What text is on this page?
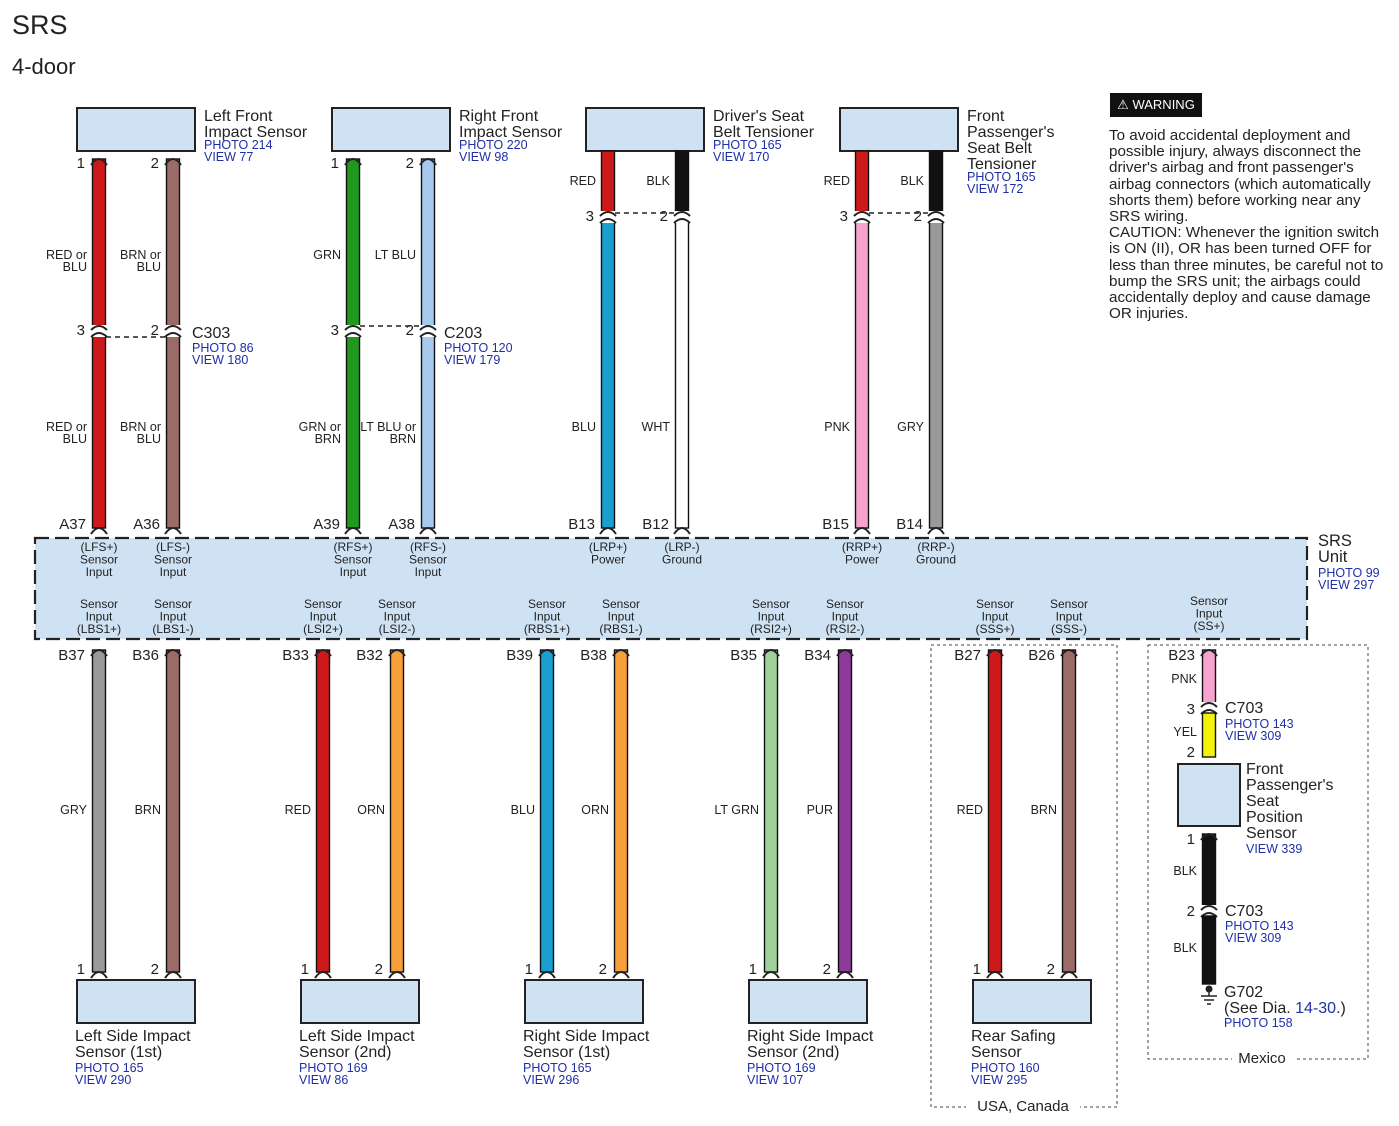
SRS
4-door
SRS
Unit
PHOTO 99
VIEW 297
Left Front
Impact Sensor
PHOTO 214
VIEW 77
Right Front
Impact Sensor
PHOTO 220
VIEW 98
Driver's Seat
Belt Tensioner
PHOTO 165
VIEW 170
Front
Passenger's
Seat Belt
Tensioner
PHOTO 165
VIEW 172
1
3
RED or
BLU
RED or
BLU
A37
(LFS+)
Sensor
Input
2
2
BRN or
BLU
BRN or
BLU
A36
(LFS-)
Sensor
Input
1
3
GRN
GRN or
BRN
A39
(RFS+)
Sensor
Input
2
2
LT BLU
LT BLU or
BRN
A38
(RFS-)
Sensor
Input
3
RED
BLU
B13
(LRP+)
Power
2
BLK
WHT
B12
(LRP-)
Ground
3
RED
PNK
B15
(RRP+)
Power
2
BLK
GRY
B14
(RRP-)
Ground
C303
PHOTO 86
VIEW 180
C203
PHOTO 120
VIEW 179
Sensor
Input
(LBS1+)
B37
GRY
1
Sensor
Input
(LBS1-)
B36
BRN
2
Sensor
Input
(LSI2+)
B33
RED
1
Sensor
Input
(LSI2-)
B32
ORN
2
Sensor
Input
(RBS1+)
B39
BLU
1
Sensor
Input
(RBS1-)
B38
ORN
2
Sensor
Input
(RSI2+)
B35
LT GRN
1
Sensor
Input
(RSI2-)
B34
PUR
2
Sensor
Input
(SSS+)
B27
RED
1
Sensor
Input
(SSS-)
B26
BRN
2
Left Side Impact
Sensor (1st)
PHOTO 165
VIEW 290
Left Side Impact
Sensor (2nd)
PHOTO 169
VIEW 86
Right Side Impact
Sensor (1st)
PHOTO 165
VIEW 296
Right Side Impact
Sensor (2nd)
PHOTO 169
VIEW 107
Rear Safing
Sensor
PHOTO 160
VIEW 295
USA, Canada
Mexico
Sensor
Input
(SS+)
B23
PNK
3
YEL
2
C703
PHOTO 143
VIEW 309
Front
Passenger's
Seat
Position
Sensor
VIEW 339
1
BLK
2 C703
PHOTO 143
VIEW 309
BLK
G702
(See Dia. 14-30.)
PHOTO 158
⚠ WARNING

To avoid accidental deployment and possible injury, always disconnect the driver's airbag and front passenger's airbag connectors (which automatically shorts them) before working near any SRS wiring.

CAUTION: Whenever the ignition switch is ON (II), OR has been turned OFF for less than three minutes, be careful not to bump the SRS unit; the airbags could accidentally deploy and cause damage OR injuries.
